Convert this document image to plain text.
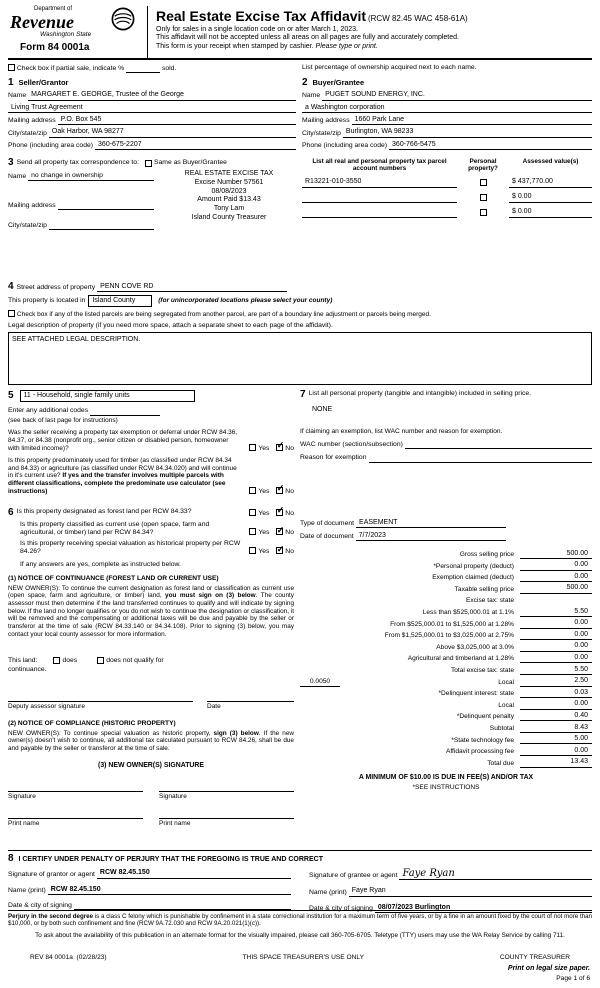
Department of
Revenue
Washington State
Form 84 0001a
Real Estate Excise Tax Affidavit (RCW 82.45 WAC 458-61A)
Only for sales in a single location code on or after March 1, 2023.
This affidavit will not be accepted unless all areas on all pages are fully and accurately completed.
This form is your receipt when stamped by cashier. Please type or print.
Check box if partial sale, indicate %	sold.	List percentage of ownership acquired next to each name.
1 Seller/Grantor
Name MARGARET E. GEORGE, Trustee of the George
Living Trust Agreement
Mailing address P.O. Box 545
City/state/zip Oak Harbor, WA 98277
Phone (including area code) 360-675-2207
2 Buyer/Grantee
Name PUGET SOUND ENERGY, INC.
a Washington corporation
Mailing address 1660 Park Lane
City/state/zip Burlington, WA 98233
Phone (including area code) 360-766-5475
3 Send all property tax correspondence to: Same as Buyer/Grantee
Name no change in ownership	REAL ESTATE EXCISE TAX
Excise Number 57561
08/08/2023
Amount Paid $13.43
Tony Lam
Island County Treasurer
Mailing address
City/state/zip
List all real and personal property tax parcel account numbers
Personal property?
Assessed value(s)
R13221-010-3550	$ 437,770.00
$ 0.00
$ 0.00
4 Street address of property PENN COVE RD
This property is located in	Island County	(for unincorporated locations please select your county)
Check box if any of the listed parcels are being segregated from another parcel, are part of a boundary line adjustment or parcels being merged.
Legal description of property (if you need more space, attach a separate sheet to each page of the affidavit).
SEE ATTACHED LEGAL DESCRIPTION.
5	11 - Household, single family units
Enter any additional codes
(see back of last page for instructions)
Was the seller receiving a property tax exemption or deferral under RCW 84.36, 84.37, or 84.38 (nonprofit org., senior citizen or disabled person, homeowner with limited income)?	Yes ✓ No
Is this property predominately used for timber (as classified under RCW 84.34 and 84.33) or agriculture (as classified under RCW 84.34.020) and will continue in it's current use? If yes and the transfer involves multiple parcels with different classifications, complete the predominate use calculator (see instructions)	Yes ✓ No
6 Is this property designated as forest land per RCW 84.33?	Yes ✓ No
Is this property classified as current use (open space, farm and agricultural, or timber) land per RCW 84.34?	Yes ✓ No
Is this property receiving special valuation as historical property per RCW 84.26?	Yes ✓ No
If any answers are yes, complete as instructed below.
(1) NOTICE OF CONTINUANCE (FOREST LAND OR CURRENT USE)
NEW OWNER(S): To continue the current designation as forest land or classification as current use (open space, farm and agriculture, or timber) land, you must sign on (3) below. The county assessor must then determine if the land transferred continues to qualify and will indicate by signing below. If the land no longer qualifies or you do not wish to continue the designation or classification, it will be removed and the compensating or additional taxes will be due and payable by the seller or transferor at the time of sale (RCW 84.33.140 or 84.34.108). Prior to signing (3) below, you may contact your local county assessor for more information.
This land:	does	does not qualify for
continuance.
Deputy assessor signature	Date
(2) NOTICE OF COMPLIANCE (HISTORIC PROPERTY)
NEW OWNER(S): To continue special valuation as historic property, sign (3) below. If the new owner(s) doesn't wish to continue, all additional tax calculated pursuant to RCW 84.26, shall be due and payable by the seller or transferor at the time of sale.
(3) NEW OWNER(S) SIGNATURE
Signature	Signature
Print name	Print name
7 List all personal property (tangible and intangible) included in selling price.
NONE
If claiming an exemption, list WAC number and reason for exemption.
WAC number (section/subsection)
Reason for exemption
Type of document EASEMENT
Date of document 7/7/2023
Gross selling price	500.00
*Personal property (deduct)	0.00
Exemption claimed (deduct)	0.00
Taxable selling price	500.00
Excise tax: state
Less than $525,000.01 at 1.1%	5.50
From $525,000.01 to $1,525,000 at 1.28%	0.00
From $1,525,000.01 to $3,025,000 at 2.75%	0.00
Above $3,025,000 at 3.0%	0.00
Agricultural and timberland at 1.28%	0.00
Total excise tax: state	5.50
0.0050	Local	2.50
*Delinquent interest: state	0.03
Local	0.00
*Delinquent penalty	0.40
Subtotal	8.43
*State technology fee	5.00
Affidavit processing fee	0.00
Total due	13.43
A MINIMUM OF $10.00 IS DUE IN FEE(S) AND/OR TAX
*SEE INSTRUCTIONS
8 I CERTIFY UNDER PENALTY OF PERJURY THAT THE FOREGOING IS TRUE AND CORRECT
Signature of grantor or agent RCW 82.45.150
Name (print) RCW 82.45.150
Date & city of signing
Signature of grantee or agent Faye Ryan
Name (print) Faye Ryan
Date & city of signing 08/07/2023 Burlington
Perjury in the second degree is a class C felony which is punishable by confinement in a state correctional institution for a maximum term of five years, or by a fine in an amount fixed by the court of not more than $10,000, or by both such confinement and fine (RCW 9A.72.030 and RCW 9A.20.021(1)(c)).
To ask about the availability of this publication in an alternate format for the visually impaired, please call 360-705-6705. Teletype (TTY) users may use the WA Relay Service by calling 711.
REV 84 0001a  (02/28/23)	THIS SPACE TREASURER'S USE ONLY	COUNTY TREASURER
Print on legal size paper.
Page 1 of 6
